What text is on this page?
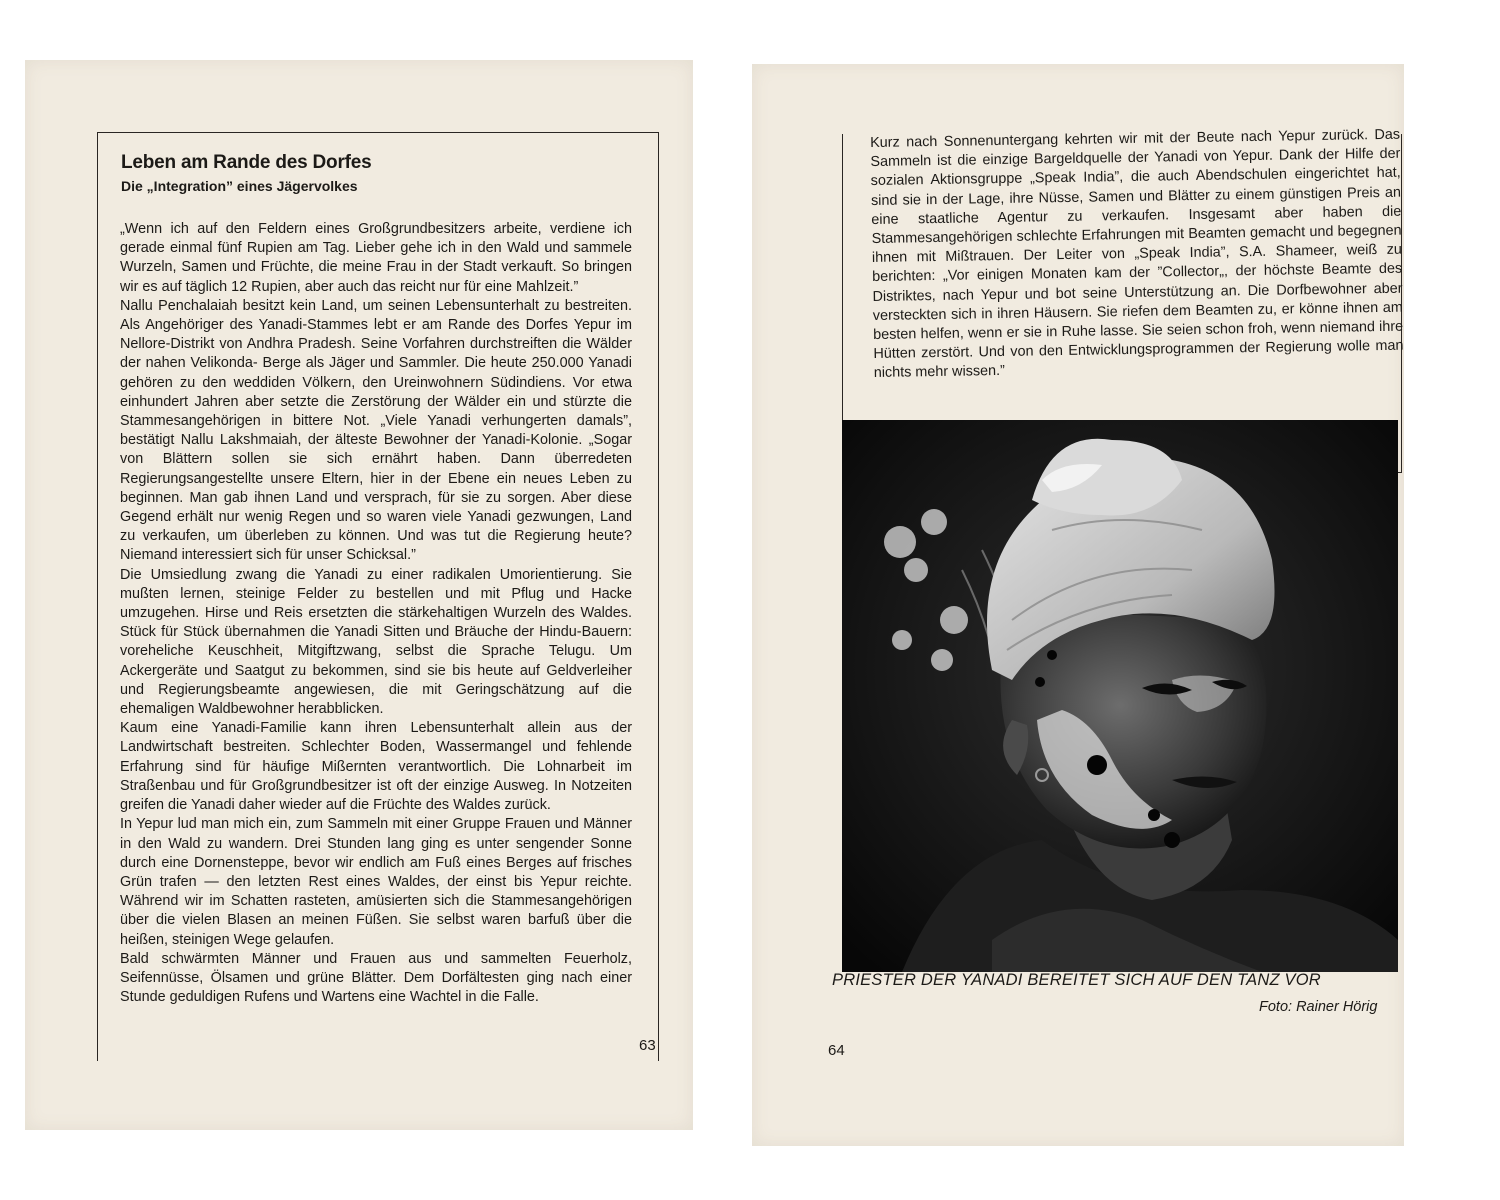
Leben am Rande des Dorfes
Die „Integration” eines Jägervolkes

„Wenn ich auf den Feldern eines Großgrundbesitzers arbeite, verdiene ich gerade einmal fünf Rupien am Tag. Lieber gehe ich in den Wald und sammele Wurzeln, Samen und Früchte, die meine Frau in der Stadt verkauft. So bringen wir es auf täglich 12 Rupien, aber auch das reicht nur für eine Mahlzeit.”

Nallu Penchalaiah besitzt kein Land, um seinen Lebensunterhalt zu bestreiten. Als Angehöriger des Yanadi-Stammes lebt er am Rande des Dorfes Yepur im Nellore-Distrikt von Andhra Pradesh. Seine Vorfahren durchstreiften die Wälder der nahen Velikonda- Berge als Jäger und Sammler. Die heute 250.000 Yanadi gehören zu den weddiden Völkern, den Ureinwohnern Südindiens. Vor etwa einhundert Jahren aber setzte die Zerstörung der Wälder ein und stürzte die Stammesangehörigen in bittere Not. „Viele Yanadi verhungerten damals”, bestätigt Nallu Lakshmaiah, der älteste Bewohner der Yanadi-Kolonie. „Sogar von Blättern sollen sie sich ernährt haben. Dann überredeten Regierungsangestellte unsere Eltern, hier in der Ebene ein neues Leben zu beginnen. Man gab ihnen Land und versprach, für sie zu sorgen. Aber diese Gegend erhält nur wenig Regen und so waren viele Yanadi gezwungen, Land zu verkaufen, um überleben zu können. Und was tut die Regierung heute? Niemand interessiert sich für unser Schicksal.”

Die Umsiedlung zwang die Yanadi zu einer radikalen Umorientierung. Sie mußten lernen, steinige Felder zu bestellen und mit Pflug und Hacke umzugehen. Hirse und Reis ersetzten die stärkehaltigen Wurzeln des Waldes. Stück für Stück übernahmen die Yanadi Sitten und Bräuche der Hindu-Bauern: voreheliche Keuschheit, Mitgiftzwang, selbst die Sprache Telugu. Um Ackergeräte und Saatgut zu bekommen, sind sie bis heute auf Geldverleiher und Regierungsbeamte angewiesen, die mit Geringschätzung auf die ehemaligen Waldbewohner herabblicken.

Kaum eine Yanadi-Familie kann ihren Lebensunterhalt allein aus der Landwirtschaft bestreiten. Schlechter Boden, Wassermangel und fehlende Erfahrung sind für häufige Mißernten verantwortlich. Die Lohnarbeit im Straßenbau und für Großgrundbesitzer ist oft der einzige Ausweg. In Notzeiten greifen die Yanadi daher wieder auf die Früchte des Waldes zurück.

In Yepur lud man mich ein, zum Sammeln mit einer Gruppe Frauen und Männer in den Wald zu wandern. Drei Stunden lang ging es unter sengender Sonne durch eine Dornensteppe, bevor wir endlich am Fuß eines Berges auf frisches Grün trafen — den letzten Rest eines Waldes, der einst bis Yepur reichte. Während wir im Schatten rasteten, amüsierten sich die Stammesangehörigen über die vielen Blasen an meinen Füßen. Sie selbst waren barfuß über die heißen, steinigen Wege gelaufen.

Bald schwärmten Männer und Frauen aus und sammelten Feuerholz, Seifennüsse, Ölsamen und grüne Blätter. Dem Dorfältesten ging nach einer Stunde geduldigen Rufens und Wartens eine Wachtel in die Falle.

63

Kurz nach Sonnenuntergang kehrten wir mit der Beute nach Yepur zurück. Das Sammeln ist die einzige Bargeldquelle der Yanadi von Yepur. Dank der Hilfe der sozialen Aktionsgruppe „Speak India”, die auch Abendschulen eingerichtet hat, sind sie in der Lage, ihre Nüsse, Samen und Blätter zu einem günstigen Preis an eine staatliche Agentur zu verkaufen. Insgesamt aber haben die Stammesangehörigen schlechte Erfahrungen mit Beamten gemacht und begegnen ihnen mit Mißtrauen. Der Leiter von „Speak India”, S.A. Shameer, weiß zu berichten: „Vor einigen Monaten kam der ”Collector„, der höchste Beamte des Distriktes, nach Yepur und bot seine Unterstützung an. Die Dorfbewohner aber versteckten sich in ihren Häusern. Sie riefen dem Beamten zu, er könne ihnen am besten helfen, wenn er sie in Ruhe lasse. Sie seien schon froh, wenn niemand ihre Hütten zerstört. Und von den Entwicklungsprogrammen der Regierung wolle man nichts mehr wissen.”

PRIESTER DER YANADI BEREITET SICH AUF DEN TANZ VOR
Foto: Rainer Hörig
64
